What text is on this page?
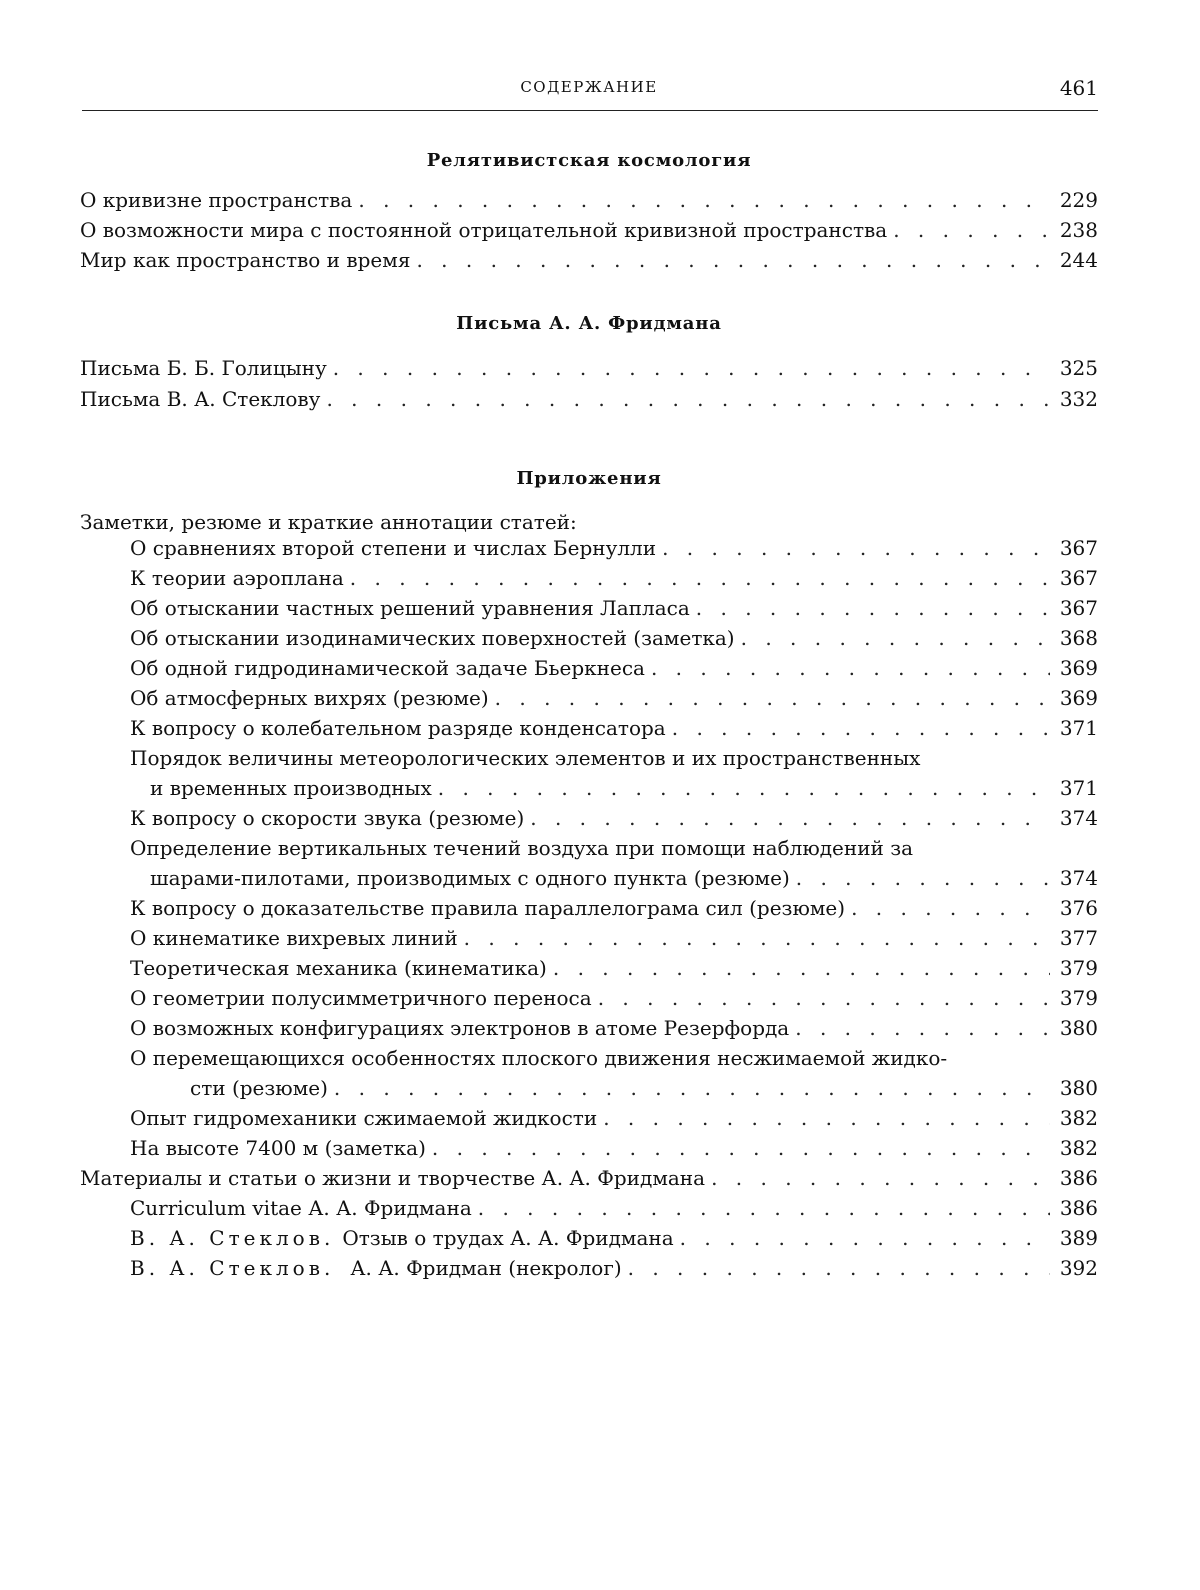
СОДЕРЖАНИЕ	461
Релятивистская космология
О кривизне пространства . . .	229
О возможности мира с постоянной отрицательной кривизной пространства . . .	238
Мир как пространство и время . . .	244
Письма А. А. Фридмана
Письма Б. Б. Голицыну . . .	325
Письма В. А. Стеклову . . .	332
Приложения
Заметки, резюме и краткие аннотации статей:
О сравнениях второй степени и числах Бернулли . . .	367
К теории аэроплана . . .	367
Об отыскании частных решений уравнения Лапласа . . .	367
Об отыскании изодинамических поверхностей (заметка) . . .	368
Об одной гидродинамической задаче Бьеркнеса . . .	369
Об атмосферных вихрях (резюме) . . .	369
К вопросу о колебательном разряде конденсатора . . .	371
Порядок величины метеорологических элементов и их пространственных
и временных производных . . .	371
К вопросу о скорости звука (резюме) . . .	374
Определение вертикальных течений воздуха при помощи наблюдений за
шарами-пилотами, производимых с одного пункта (резюме) . . .	374
К вопросу о доказательстве правила параллелограма сил (резюме) . . .	376
О кинематике вихревых линий . . .	377
Теоретическая механика (кинематика) . . .	379
О геометрии полусимметричного переноса . . .	379
О возможных конфигурациях электронов в атоме Резерфорда . . .	380
О перемещающихся особенностях плоского движения несжимаемой жидко-
сти (резюме) . . .	380
Опыт гидромеханики сжимаемой жидкости . . .	382
На высоте 7400 м (заметка) . . .	382
Материалы и статьи о жизни и творчестве А. А. Фридмана . . .	386
Curriculum vitae А. А. Фридмана . . .	386
В. А. Стеклов. Отзыв о трудах А. А. Фридмана . . .	389
В. А. Стеклов. А. А. Фридман (некролог) . . .	392
